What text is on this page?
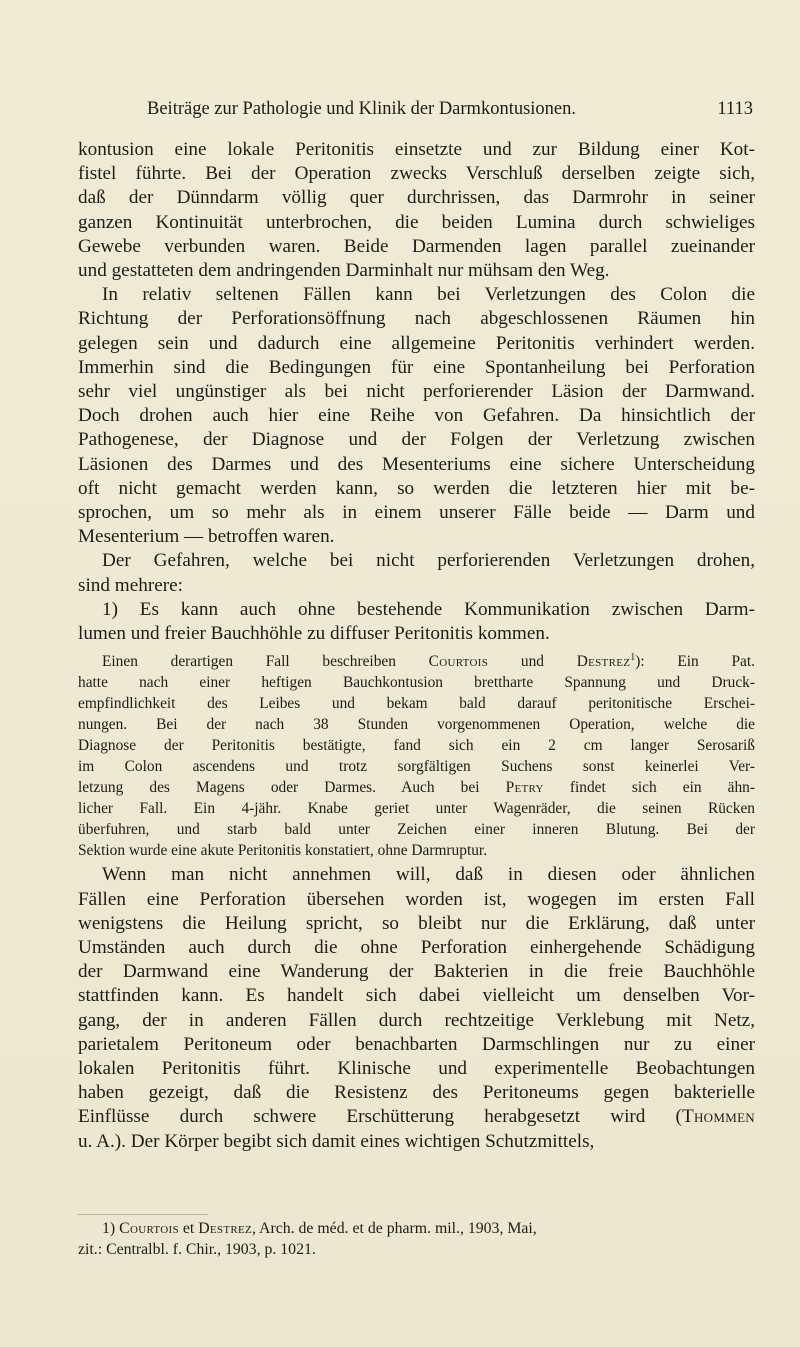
Beiträge zur Pathologie und Klinik der Darmkontusionen.	1113

kontusion eine lokale Peritonitis einsetzte und zur Bildung einer Kot-
fistel führte. Bei der Operation zwecks Verschluß derselben zeigte sich,
daß der Dünndarm völlig quer durchrissen, das Darmrohr in seiner
ganzen Kontinuität unterbrochen, die beiden Lumina durch schwieliges
Gewebe verbunden waren. Beide Darmenden lagen parallel zueinander
und gestatteten dem andringenden Darminhalt nur mühsam den Weg.

In relativ seltenen Fällen kann bei Verletzungen des Colon die
Richtung der Perforationsöffnung nach abgeschlossenen Räumen hin
gelegen sein und dadurch eine allgemeine Peritonitis verhindert werden.
Immerhin sind die Bedingungen für eine Spontanheilung bei Perforation
sehr viel ungünstiger als bei nicht perforierender Läsion der Darmwand.
Doch drohen auch hier eine Reihe von Gefahren. Da hinsichtlich der
Pathogenese, der Diagnose und der Folgen der Verletzung zwischen
Läsionen des Darmes und des Mesenteriums eine sichere Unterscheidung
oft nicht gemacht werden kann, so werden die letzteren hier mit be-
sprochen, um so mehr als in einem unserer Fälle beide — Darm und
Mesenterium — betroffen waren.

Der Gefahren, welche bei nicht perforierenden Verletzungen drohen,
sind mehrere:

1) Es kann auch ohne bestehende Kommunikation zwischen Darm-
lumen und freier Bauchhöhle zu diffuser Peritonitis kommen.

Einen derartigen Fall beschreiben Courtois und Destrez$^1$): Ein Pat.
hatte nach einer heftigen Bauchkontusion brettharte Spannung und Druck-
empfindlichkeit des Leibes und bekam bald darauf peritonitische Erschei-
nungen. Bei der nach 38 Stunden vorgenommenen Operation, welche die
Diagnose der Peritonitis bestätigte, fand sich ein 2 cm langer Serosariß
im Colon ascendens und trotz sorgfältigen Suchens sonst keinerlei Ver-
letzung des Magens oder Darmes. Auch bei Petry findet sich ein ähn-
licher Fall. Ein 4-jähr. Knabe geriet unter Wagenräder, die seinen Rücken
überfuhren, und starb bald unter Zeichen einer inneren Blutung. Bei der
Sektion wurde eine akute Peritonitis konstatiert, ohne Darmruptur.

Wenn man nicht annehmen will, daß in diesen oder ähnlichen
Fällen eine Perforation übersehen worden ist, wogegen im ersten Fall
wenigstens die Heilung spricht, so bleibt nur die Erklärung, daß unter
Umständen auch durch die ohne Perforation einhergehende Schädigung
der Darmwand eine Wanderung der Bakterien in die freie Bauchhöhle
stattfinden kann. Es handelt sich dabei vielleicht um denselben Vor-
gang, der in anderen Fällen durch rechtzeitige Verklebung mit Netz,
parietalem Peritoneum oder benachbarten Darmschlingen nur zu einer
lokalen Peritonitis führt. Klinische und experimentelle Beobachtungen
haben gezeigt, daß die Resistenz des Peritoneums gegen bakterielle
Einflüsse durch schwere Erschütterung herabgesetzt wird (Thommen
u. A.). Der Körper begibt sich damit eines wichtigen Schutzmittels,

1) Courtois et Destrez, Arch. de méd. et de pharm. mil., 1903, Mai,
zit.: Centralbl. f. Chir., 1903, p. 1021.
